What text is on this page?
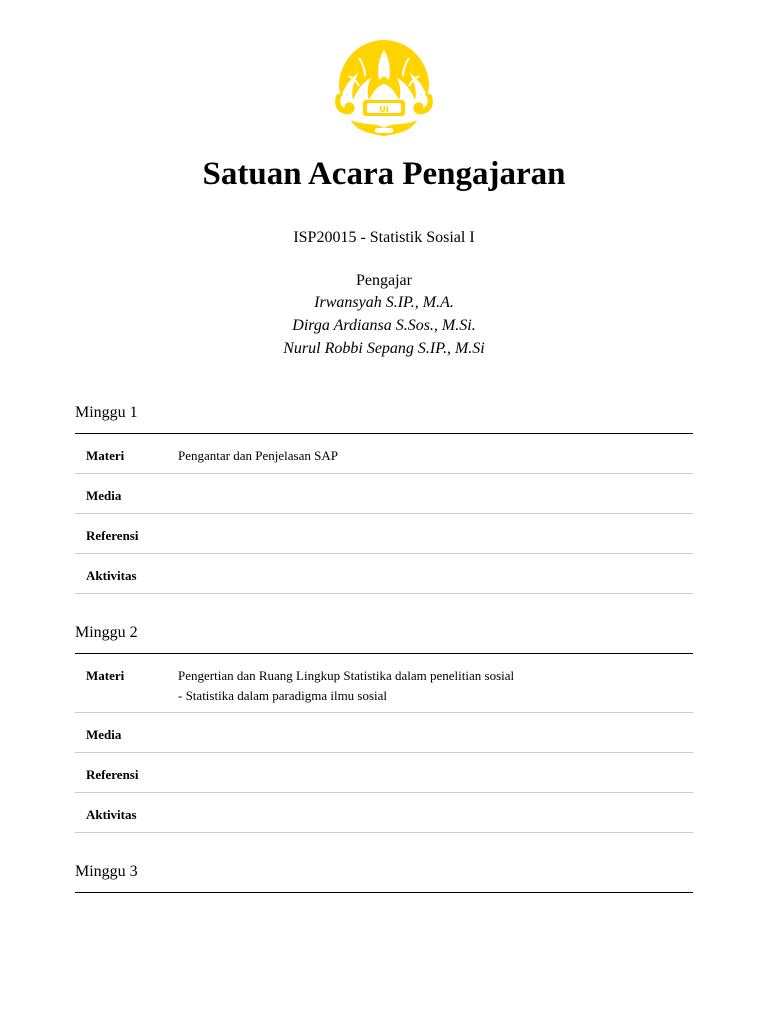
UI
Satuan Acara Pengajaran
ISP20015 - Statistik Sosial I
Pengajar
Irwansyah S.IP., M.A.
Dirga Ardiansa S.Sos., M.Si.
Nurul Robbi Sepang S.IP., M.Si
Minggu 1
Materi	Pengantar dan Penjelasan SAP

Media	

Referensi	

Aktivitas	

Minggu 2
Materi	Pengertian dan Ruang Lingkup Statistika dalam penelitian sosial
- Statistika dalam paradigma ilmu sosial

Media	

Referensi	

Aktivitas	

Minggu 3
